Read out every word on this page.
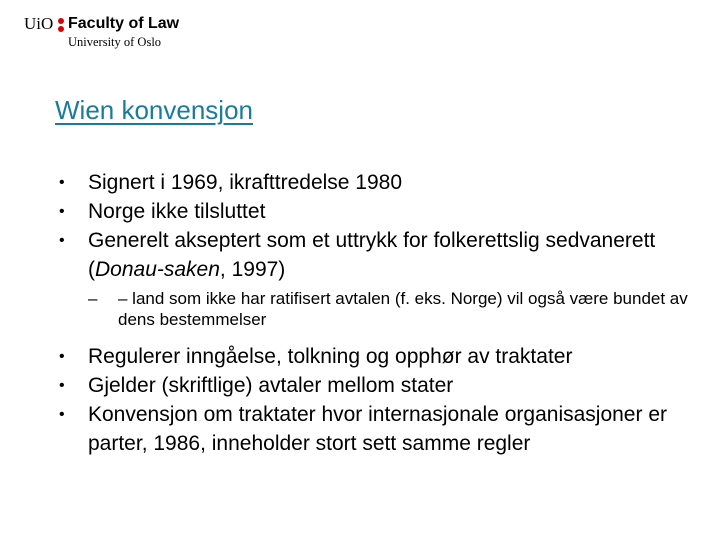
UiO Faculty of Law
University of Oslo
Wien konvensjon
•	Signert i 1969, ikrafttredelse 1980
•	Norge ikke tilsluttet
•	Generelt akseptert som et uttrykk for folkerettslig sedvanerett (Donau-saken, 1997)
– – land som ikke har ratifisert avtalen (f. eks. Norge) vil også være bundet av dens bestemmelser
•	Regulerer inngåelse, tolkning og opphør av traktater
•	Gjelder (skriftlige) avtaler mellom stater
•	Konvensjon om traktater hvor internasjonale organisasjoner er parter, 1986, inneholder stort sett samme regler
